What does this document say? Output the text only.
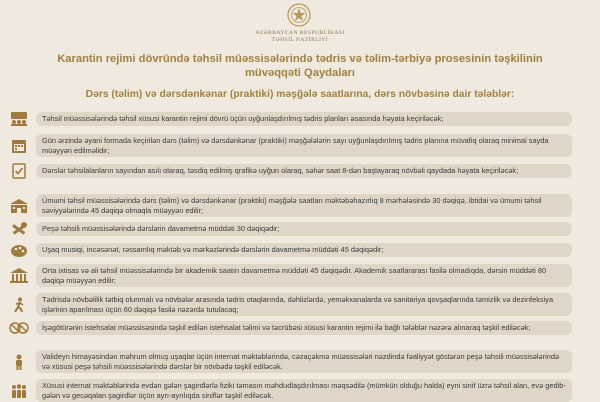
AZƏRBAYCAN RESPUBLİKASI
TƏHSİL NAZİRLİYİ
Karantin rejimi dövründə təhsil müəssisələrində tədris və təlim-tərbiyə prosesinin təşkilinin müvəqqəti Qaydaları
Dərs (təlim) və dərsdənkənar (praktiki) məşğələ saatlarına, dərs növbəsinə dair tələblər:
Təhsil müəssisələrində təhsil xüsusi karantin rejimi dövrü üçün uyğunlaşdırılmış tədris planları əsasında həyata keçiriləcək;
Gün ərzində əyani formada keçirilən dərs (təlim) və dərsdənkənar (praktiki) məşğələlərin sayı uyğunlaşdırılmış tədris planına müvafiq olaraq minimal sayda müəyyən edilməlidir;
Dərslər təhsilalanların sayından asılı olaraq, təsdiq edilmiş qrafikə uyğun olaraq, səhər saat 8-dən başlayaraq növbəli qaydada həyata keçiriləcək;
Ümumi təhsil müəssisələrində dərs (təlim) və dərsdənkənar (praktiki) məşğələ saatları məktəbəhazırlıq 8 mərhələsində 30 dəqiqə, ibtidai və ümumi təhsil səviyyələrində 45 dəqiqə olmaqla müəyyən edilir;
Peşə təhsili müəssisələrində dərslərin davametmə müddəti 30 dəqiqədir;
Uşaq musiqi, incəsənət, rəssamlıq məktəb və mərkəzlərində dərslərin davametmə müddəti 45 dəqiqədir;
Orta ixtisas və ali təhsil müəssisələrində bir akademik saatın davametmə müddəti 45 dəqiqədir. Akademik saatlararası fasilə olmadıqda, dərsin müddəti 80 dəqiqə müəyyən edilir;
Tədrisdə növbəlilik tətbiq olunmalı və növbələr arasında tədris otaqlarında, dəhlizlərdə, yeməkxanalarda və sanitariya qovşaqlarında təmizlik və dezinfeksiya işlərinin aparılması üçün 60 dəqiqə fasilə nəzərdə tutulacaq;
İşəgötürənin istehsalat müəssisəsində təşkil edilən istehsalat təlimi və təcrübəsi xüsusi karantin rejimi ilə bağlı tələblər nəzərə alınaraq təşkil ediləcək;
Valideyn himayəsindən məhrum olmuş uşaqlar üçün internat məktəblərində, cəzaçəkmə müəssisələri nəzdində fəaliyyət göstərən peşə təhsili müəssisələrində və xüsusi peşə təhsili müəssisələrində dərslər bir növbədə təşkil ediləcək.
Xüsusi internat məktəblərində evdən gələn şagirdlərlə fiziki təmasın məhdudlaşdırılması məqsədilə (mümkün olduğu halda) eyni sinif üzrə təhsil alan, evə gedib-gələn və gecəqalan şagirdlər üçün ayrı-ayrılıqda siniflər təşkil ediləcək.
